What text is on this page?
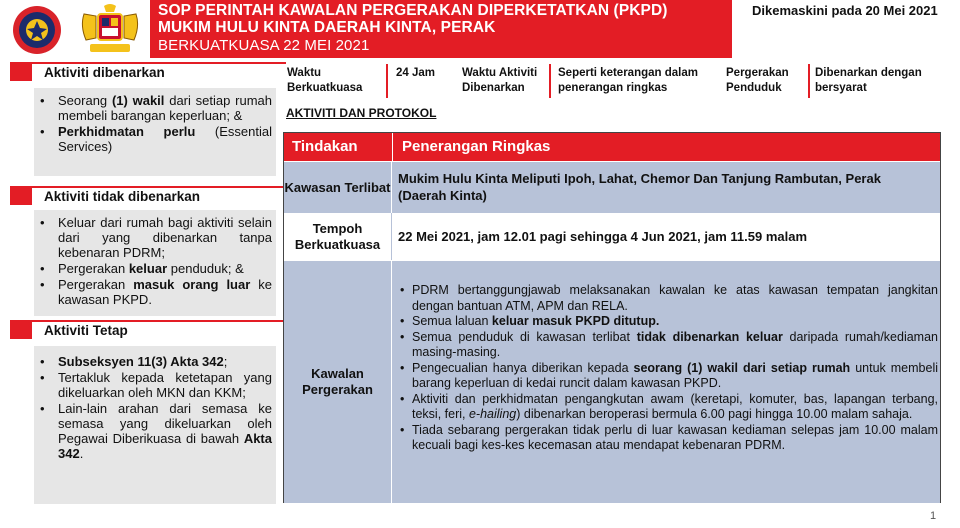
SOP PERINTAH KAWALAN PERGERAKAN DIPERKETATKAN (PKPD)
MUKIM HULU KINTA DAERAH KINTA, PERAK
BERKUATKUASA 22 MEI 2021
Dikemaskini pada 20 Mei 2021
Aktiviti dibenarkan
• Seorang (1) wakil dari setiap rumah membeli barangan keperluan; &
• Perkhidmatan perlu (Essential Services)
Aktiviti tidak dibenarkan
• Keluar dari rumah bagi aktiviti selain dari yang dibenarkan tanpa kebenaran PDRM;
• Pergerakan keluar penduduk; &
• Pergerakan masuk orang luar ke kawasan PKPD.
Aktiviti Tetap
• Subseksyen 11(3) Akta 342;
• Tertakluk kepada ketetapan yang dikeluarkan oleh MKN dan KKM;
• Lain-lain arahan dari semasa ke semasa yang dikeluarkan oleh Pegawai Diberikuasa di bawah Akta 342.
Waktu Berkuatkuasa
24 Jam	Waktu Aktiviti Dibenarkan
Seperti keterangan dalam penerangan ringkas
Pergerakan Penduduk
Dibenarkan dengan bersyarat
AKTIVITI DAN PROTOKOL
Tindakan	Penerangan Ringkas
Kawasan Terlibat
Mukim Hulu Kinta Meliputi Ipoh, Lahat, Chemor Dan Tanjung Rambutan, Perak (Daerah Kinta)
Tempoh Berkuatkuasa
22 Mei 2021, jam 12.01 pagi sehingga 4 Jun 2021, jam 11.59 malam
Kawalan Pergerakan
• PDRM bertanggungjawab melaksanakan kawalan ke atas kawasan tempatan jangkitan dengan bantuan ATM, APM dan RELA.
• Semua laluan keluar masuk PKPD ditutup.
• Semua penduduk di kawasan terlibat tidak dibenarkan keluar daripada rumah/kediaman masing-masing.
• Pengecualian hanya diberikan kepada seorang (1) wakil dari setiap rumah untuk membeli barang keperluan di kedai runcit dalam kawasan PKPD.
• Aktiviti dan perkhidmatan pengangkutan awam (keretapi, komuter, bas, lapangan terbang, teksi, feri, e-hailing) dibenarkan beroperasi bermula 6.00 pagi hingga 10.00 malam sahaja.
• Tiada sebarang pergerakan tidak perlu di luar kawasan kediaman selepas jam 10.00 malam kecuali bagi kes-kes kecemasan atau mendapat kebenaran PDRM.
1
